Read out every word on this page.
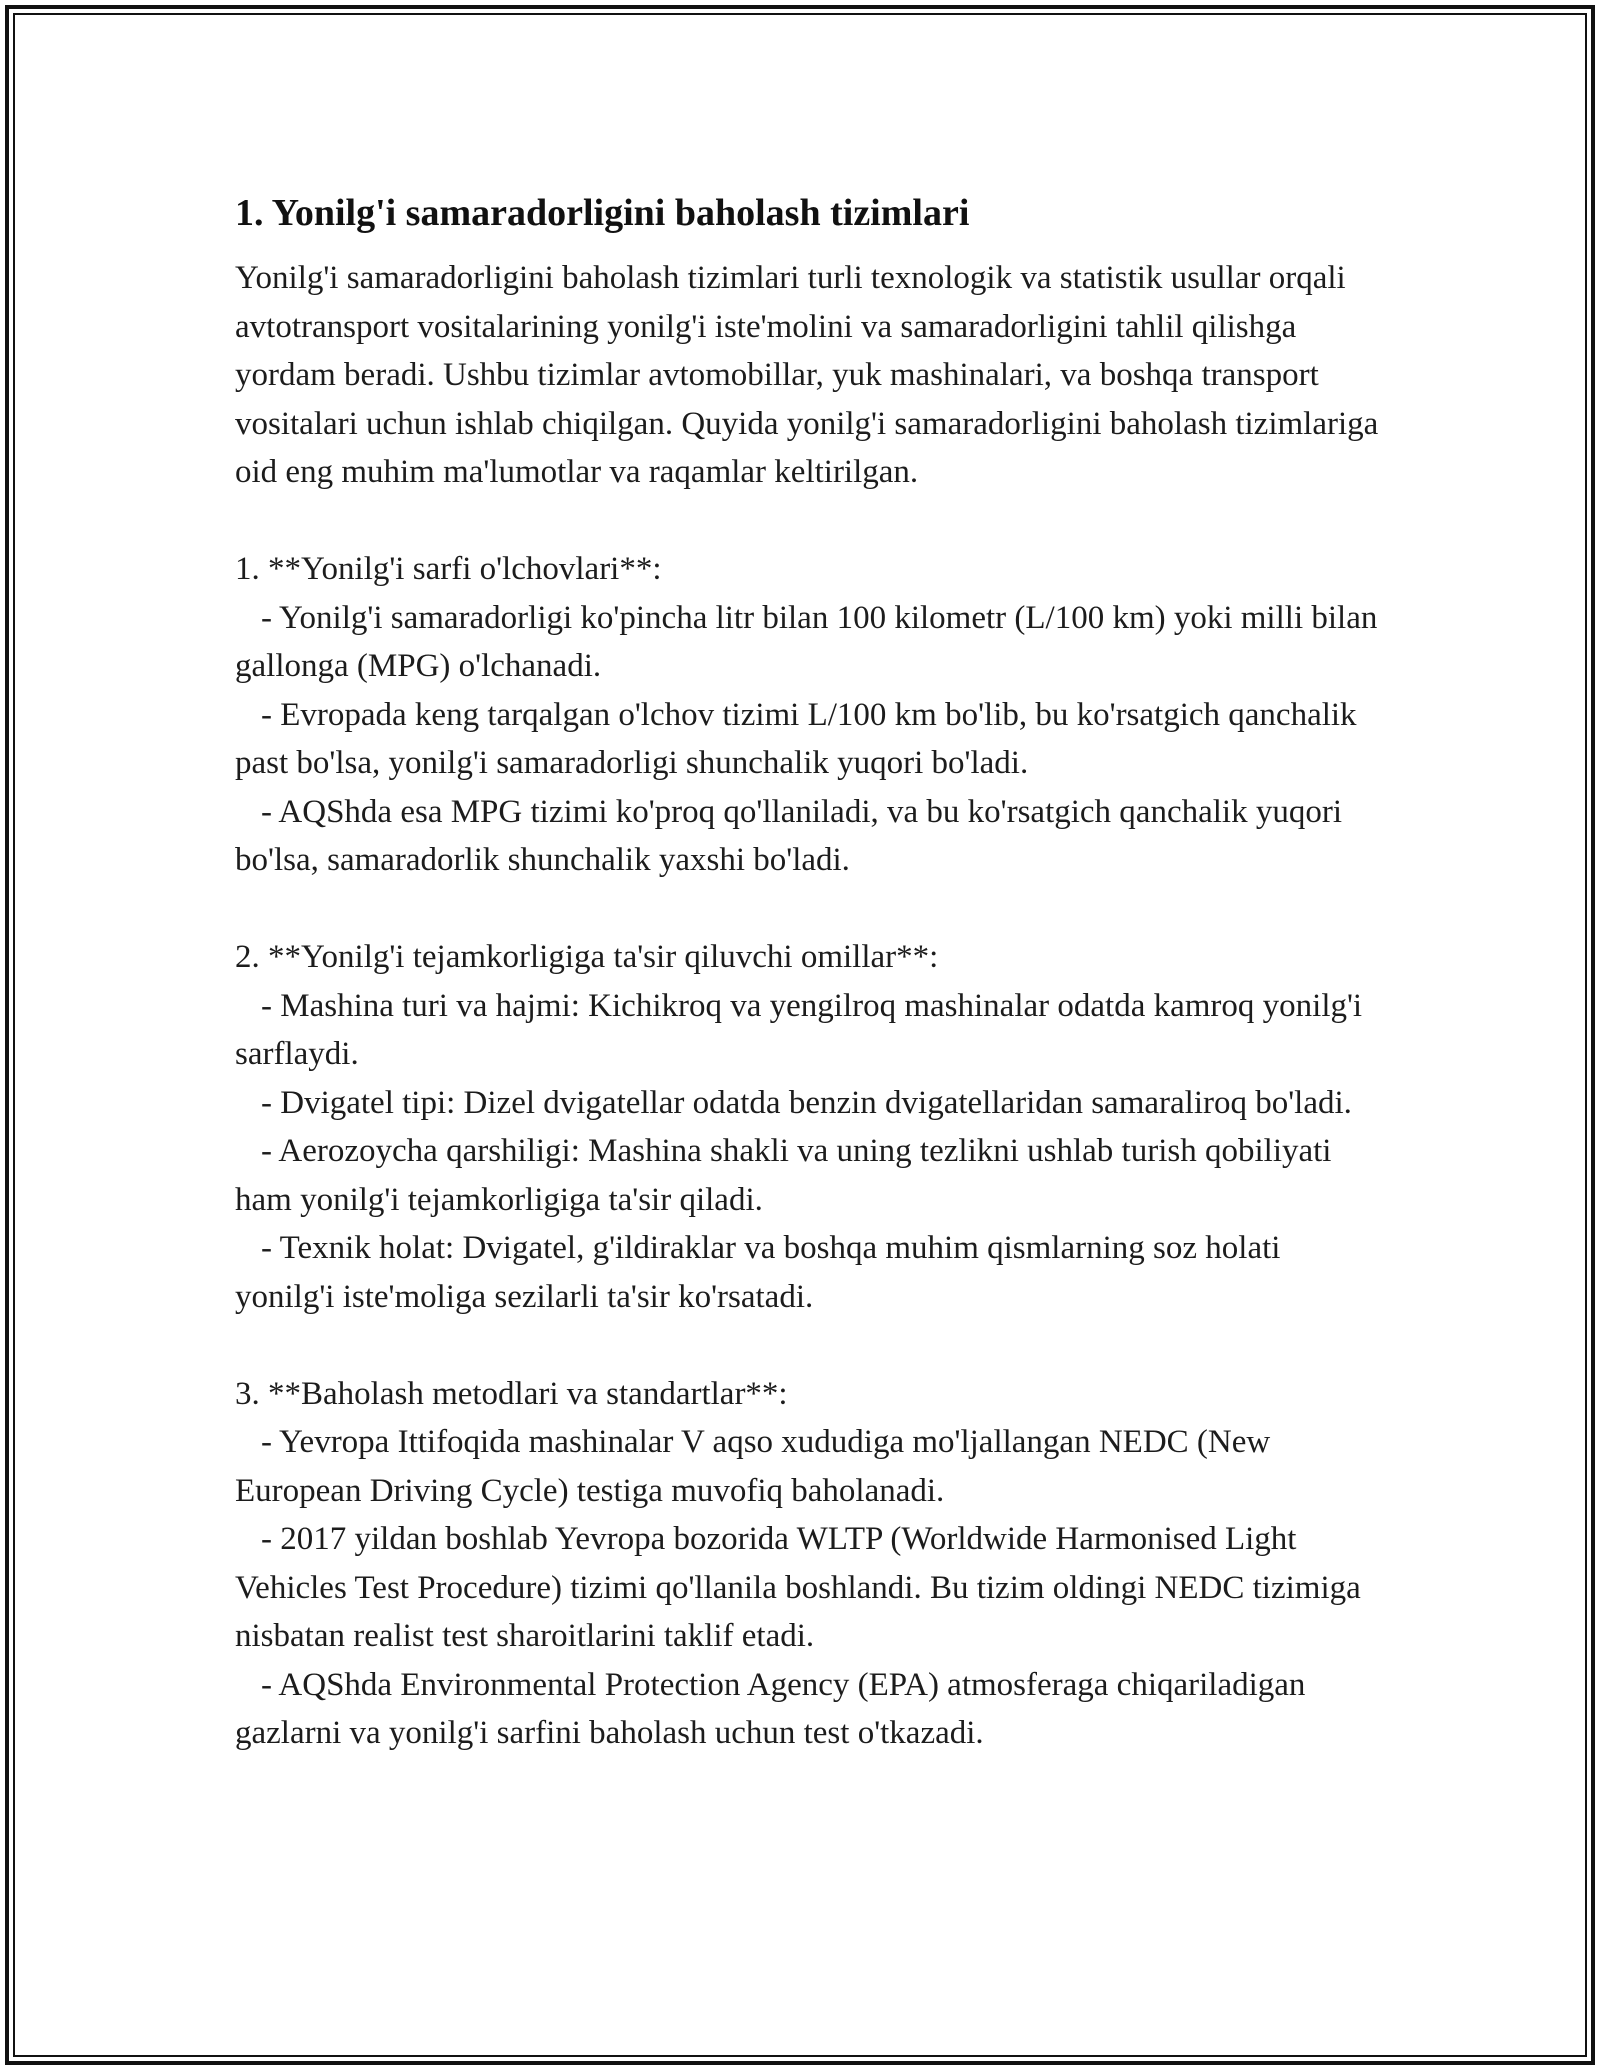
1. Yonilg'i samaradorligini baholash tizimlari

Yonilg'i samaradorligini baholash tizimlari turli texnologik va statistik usullar orqali avtotransport vositalarining yonilg'i iste'molini va samaradorligini tahlil qilishga yordam beradi. Ushbu tizimlar avtomobillar, yuk mashinalari, va boshqa transport vositalari uchun ishlab chiqilgan. Quyida yonilg'i samaradorligini baholash tizimlariga oid eng muhim ma'lumotlar va raqamlar keltirilgan.

1. **Yonilg'i sarfi o'lchovlari**:

- Yonilg'i samaradorligi ko'pincha litr bilan 100 kilometr (L/100 km) yoki milli bilan gallonga (MPG) o'lchanadi.

- Evropada keng tarqalgan o'lchov tizimi L/100 km bo'lib, bu ko'rsatgich qanchalik past bo'lsa, yonilg'i samaradorligi shunchalik yuqori bo'ladi.

- AQShda esa MPG tizimi ko'proq qo'llaniladi, va bu ko'rsatgich qanchalik yuqori bo'lsa, samaradorlik shunchalik yaxshi bo'ladi.

2. **Yonilg'i tejamkorligiga ta'sir qiluvchi omillar**:

- Mashina turi va hajmi: Kichikroq va yengilroq mashinalar odatda kamroq yonilg'i sarflaydi.

- Dvigatel tipi: Dizel dvigatellar odatda benzin dvigatellaridan samaraliroq bo'ladi.

- Aerozoycha qarshiligi: Mashina shakli va uning tezlikni ushlab turish qobiliyati ham yonilg'i tejamkorligiga ta'sir qiladi.

- Texnik holat: Dvigatel, g'ildiraklar va boshqa muhim qismlarning soz holati yonilg'i iste'moliga sezilarli ta'sir ko'rsatadi.

3. **Baholash metodlari va standartlar**:

- Yevropa Ittifoqida mashinalar V aqso xududiga mo'ljallangan NEDC (New European Driving Cycle) testiga muvofiq baholanadi.

- 2017 yildan boshlab Yevropa bozorida WLTP (Worldwide Harmonised Light Vehicles Test Procedure) tizimi qo'llanila boshlandi. Bu tizim oldingi NEDC tizimiga nisbatan realist test sharoitlarini taklif etadi.

- AQShda Environmental Protection Agency (EPA) atmosferaga chiqariladigan gazlarni va yonilg'i sarfini baholash uchun test o'tkazadi.
